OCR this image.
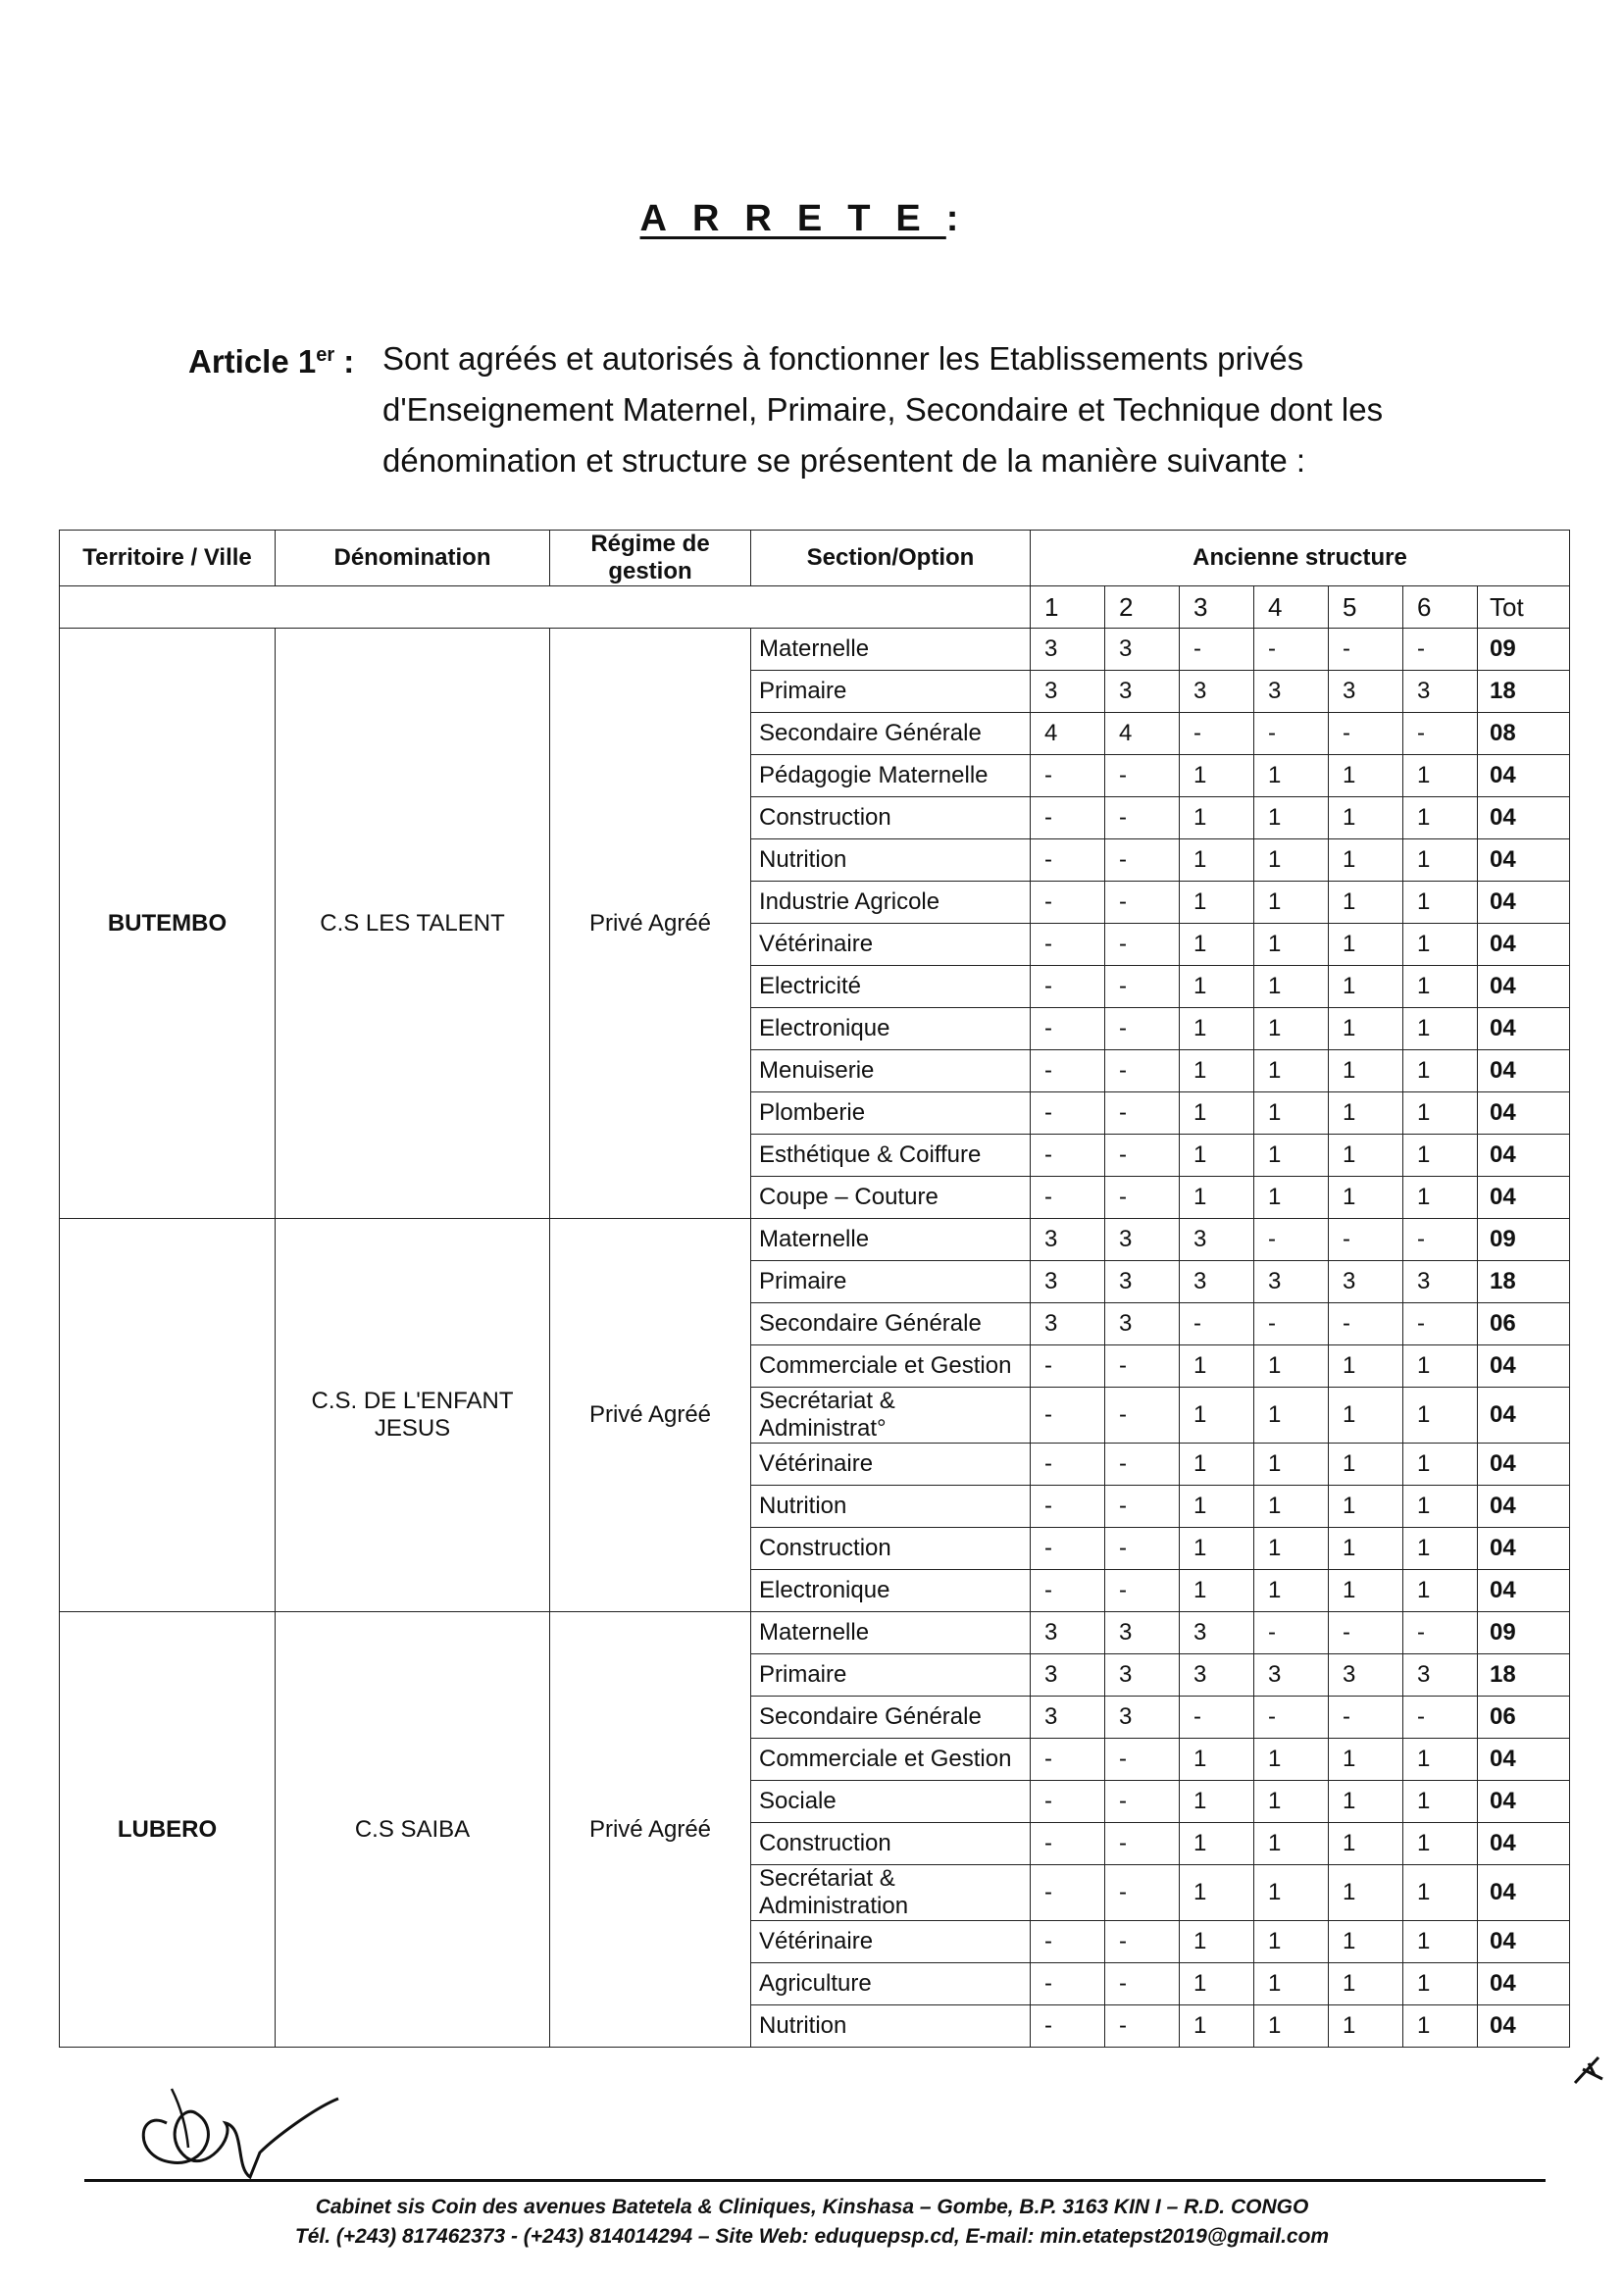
ARRETE:
Article 1er : Sont agréés et autorisés à fonctionner les Etablissements privés d'Enseignement Maternel, Primaire, Secondaire et Technique dont les dénomination et structure se présentent de la manière suivante :
Territoire / Ville	Dénomination	Régime de gestion	Section/Option	Ancienne structure						
				1	2	3	4	5	6	Tot
BUTEMBO	C.S LES TALENT	Privé Agréé	Maternelle	3	3	-	-	-	-	09
			Primaire	3	3	3	3	3	3	18
			Secondaire Générale	4	4	-	-	-	-	08
			Pédagogie Maternelle	-	-	1	1	1	1	04
			Construction	-	-	1	1	1	1	04
			Nutrition	-	-	1	1	1	1	04
			Industrie Agricole	-	-	1	1	1	1	04
			Vétérinaire	-	-	1	1	1	1	04
			Electricité	-	-	1	1	1	1	04
			Electronique	-	-	1	1	1	1	04
			Menuiserie	-	-	1	1	1	1	04
			Plomberie	-	-	1	1	1	1	04
			Esthétique & Coiffure	-	-	1	1	1	1	04
			Coupe – Couture	-	-	1	1	1	1	04
	C.S. DE L'ENFANT JESUS	Privé Agréé	Maternelle	3	3	3	-	-	-	09
			Primaire	3	3	3	3	3	3	18
			Secondaire Générale	3	3	-	-	-	-	06
			Commerciale et Gestion	-	-	1	1	1	1	04
			Secrétariat & Administrat°	-	-	1	1	1	1	04
			Vétérinaire	-	-	1	1	1	1	04
			Nutrition	-	-	1	1	1	1	04
			Construction	-	-	1	1	1	1	04
			Electronique	-	-	1	1	1	1	04
LUBERO	C.S SAIBA	Privé Agréé	Maternelle	3	3	3	-	-	-	09
			Primaire	3	3	3	3	3	3	18
			Secondaire Générale	3	3	-	-	-	-	06
			Commerciale et Gestion	-	-	1	1	1	1	04
			Sociale	-	-	1	1	1	1	04
			Construction	-	-	1	1	1	1	04
			Secrétariat & Administration	-	-	1	1	1	1	04
			Vétérinaire	-	-	1	1	1	1	04
			Agriculture	-	-	1	1	1	1	04
			Nutrition	-	-	1	1	1	1	04
Cabinet sis Coin des avenues Batetela & Cliniques, Kinshasa – Gombe, B.P. 3163 KIN I – R.D. CONGO
Tél. (+243) 817462373 - (+243) 814014294 – Site Web: eduquepsp.cd, E-mail: min.etatepst2019@gmail.com
